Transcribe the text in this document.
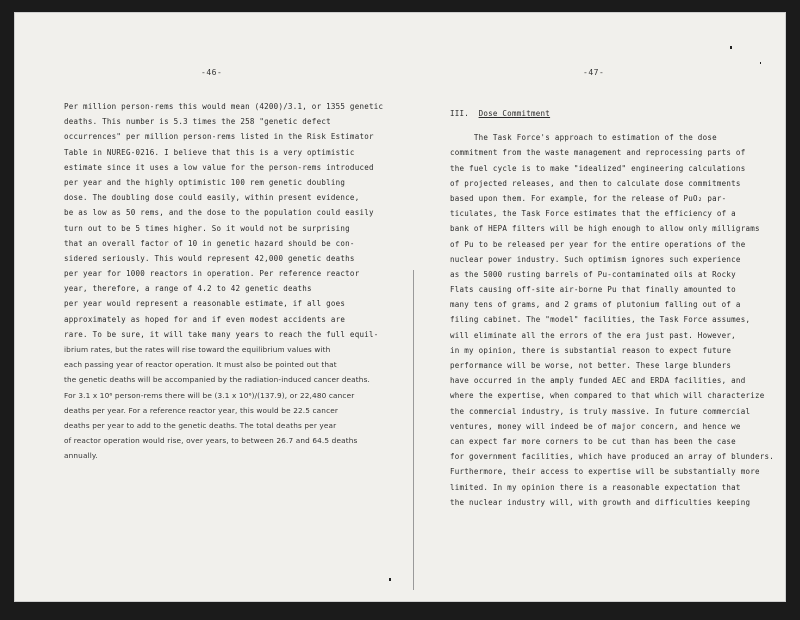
-46-	-47-
Per million person-rems this would mean (4200)/3.1, or 1355 genetic
deaths. This number is 5.3 times the 258 "genetic defect
occurrences" per million person-rems listed in the Risk Estimator
Table in NUREG-0216. I believe that this is a very optimistic
estimate since it uses a low value for the person-rems introduced
per year and the highly optimistic 100 rem genetic doubling
dose. The doubling dose could easily, within present evidence,
be as low as 50 rems, and the dose to the population could easily
turn out to be 5 times higher. So it would not be surprising
that an overall factor of 10 in genetic hazard should be con-
sidered seriously. This would represent 42,000 genetic deaths
per year for 1000 reactors in operation. Per reference reactor
year, therefore, a range of 4.2 to 42 genetic deaths
per year would represent a reasonable estimate, if all goes
approximately as hoped for and if even modest accidents are
rare. To be sure, it will take many years to reach the full equil-
ibrium rates, but the rates will rise toward the equilibrium values with
each passing year of reactor operation. It must also be pointed out that
the genetic deaths will be accompanied by the radiation-induced cancer deaths.
For 3.1 x 10⁶ person-rems there will be (3.1 x 10⁶)/(137.9), or 22,480 cancer
deaths per year. For a reference reactor year, this would be 22.5 cancer
deaths per year to add to the genetic deaths. The total deaths per year
of reactor operation would rise, over years, to between 26.7 and 64.5 deaths
annually.
III. Dose Commitment
The Task Force's approach to estimation of the dose
commitment from the waste management and reprocessing parts of
the fuel cycle is to make "idealized" engineering calculations
of projected releases, and then to calculate dose commitments
based upon them. For example, for the release of PuO₂ par-
ticulates, the Task Force estimates that the efficiency of a
bank of HEPA filters will be high enough to allow only milligrams
of Pu to be released per year for the entire operations of the
nuclear power industry. Such optimism ignores such experience
as the 5000 rusting barrels of Pu-contaminated oils at Rocky
Flats causing off-site air-borne Pu that finally amounted to
many tens of grams, and 2 grams of plutonium falling out of a
filing cabinet. The "model" facilities, the Task Force assumes,
will eliminate all the errors of the era just past. However,
in my opinion, there is substantial reason to expect future
performance will be worse, not better. These large blunders
have occurred in the amply funded AEC and ERDA facilities, and
where the expertise, when compared to that which will characterize
the commercial industry, is truly massive. In future commercial
ventures, money will indeed be of major concern, and hence we
can expect far more corners to be cut than has been the case
for government facilities, which have produced an array of blunders.
Furthermore, their access to expertise will be substantially more
limited. In my opinion there is a reasonable expectation that
the nuclear industry will, with growth and difficulties keeping
